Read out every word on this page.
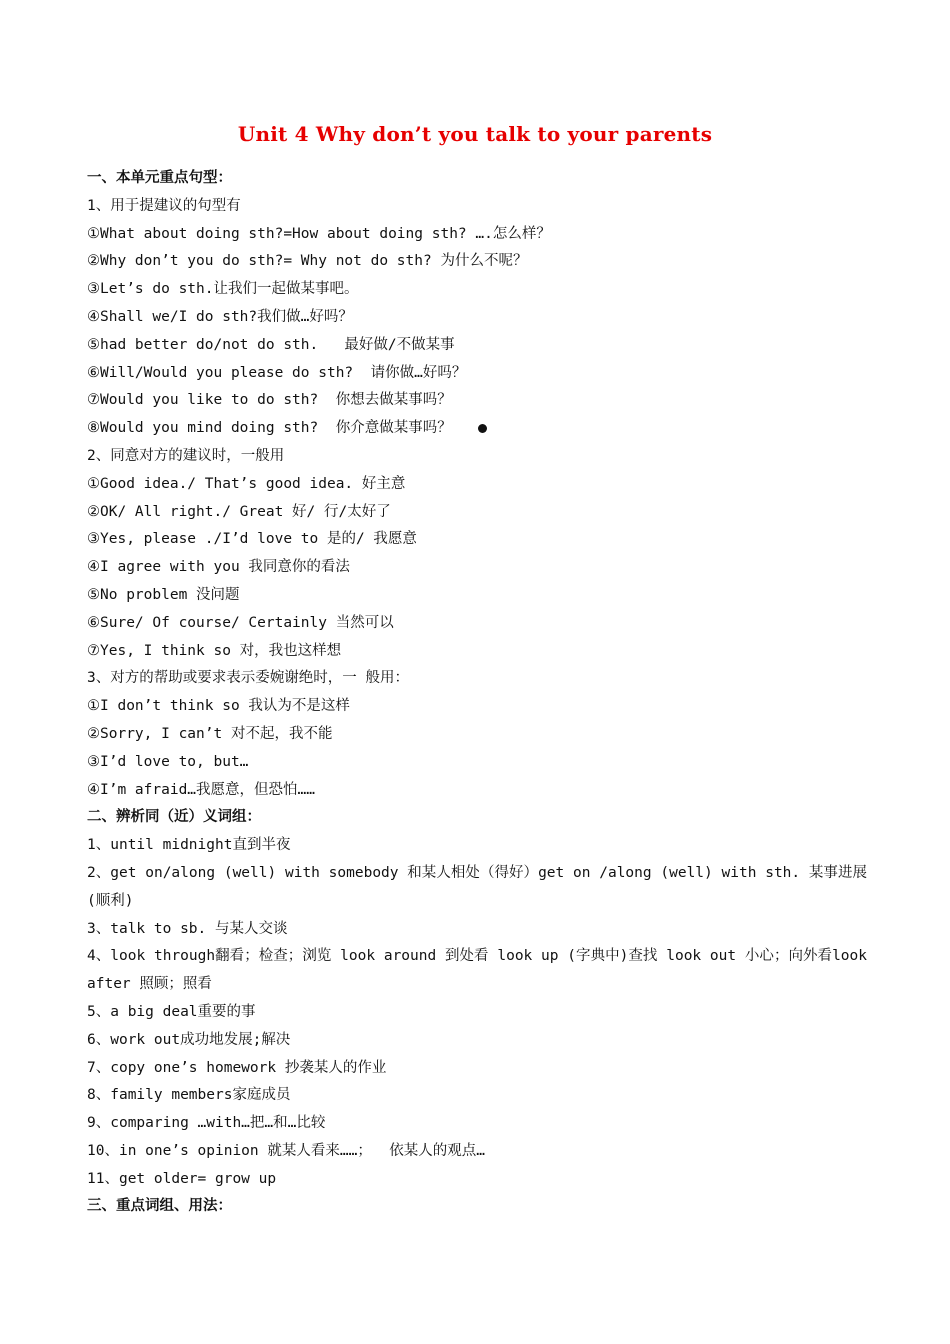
Unit 4 Why don’t you talk to your parents
一、本单元重点句型：
1、用于提建议的句型有
①What about doing sth?=How about doing sth? ….怎么样？
②Why don’t you do sth?= Why not do sth? 为什么不呢？
③Let’s do sth.让我们一起做某事吧。
④Shall we/I do sth?我们做…好吗？
⑤had better do/not do sth.   最好做/不做某事
⑥Will/Would you please do sth?  请你做…好吗？
⑦Would you like to do sth?  你想去做某事吗？
⑧Would you mind doing sth?  你介意做某事吗？
2、同意对方的建议时，一般用
①Good idea./ That’s good idea. 好主意
②OK/ All right./ Great 好/ 行/太好了
③Yes, please ./I’d love to 是的/ 我愿意
④I agree with you 我同意你的看法
⑤No problem 没问题
⑥Sure/ Of course/ Certainly 当然可以
⑦Yes, I think so 对，我也这样想
3、对方的帮助或要求表示委婉谢绝时，一 般用：
①I don’t think so 我认为不是这样
②Sorry, I can’t 对不起，我不能
③I’d love to, but…
④I’m afraid…我愿意，但恐怕……
二、辨析同（近）义词组：
1、until midnight直到半夜
2、get on/along (well) with somebody 和某人相处（得好）get on /along (well) with sth. 某事进展(顺利)
3、talk to sb. 与某人交谈
4、look through翻看；检查；浏览 look around 到处看 look up (字典中)查找 look out 小心；向外看look after 照顾；照看
5、a big deal重要的事
6、work out成功地发展;解决
7、copy one’s homework 抄袭某人的作业
8、family members家庭成员
9、comparing …with…把…和…比较
10、in one’s opinion 就某人看来……；  依某人的观点…
11、get older= grow up
三、重点词组、用法：
